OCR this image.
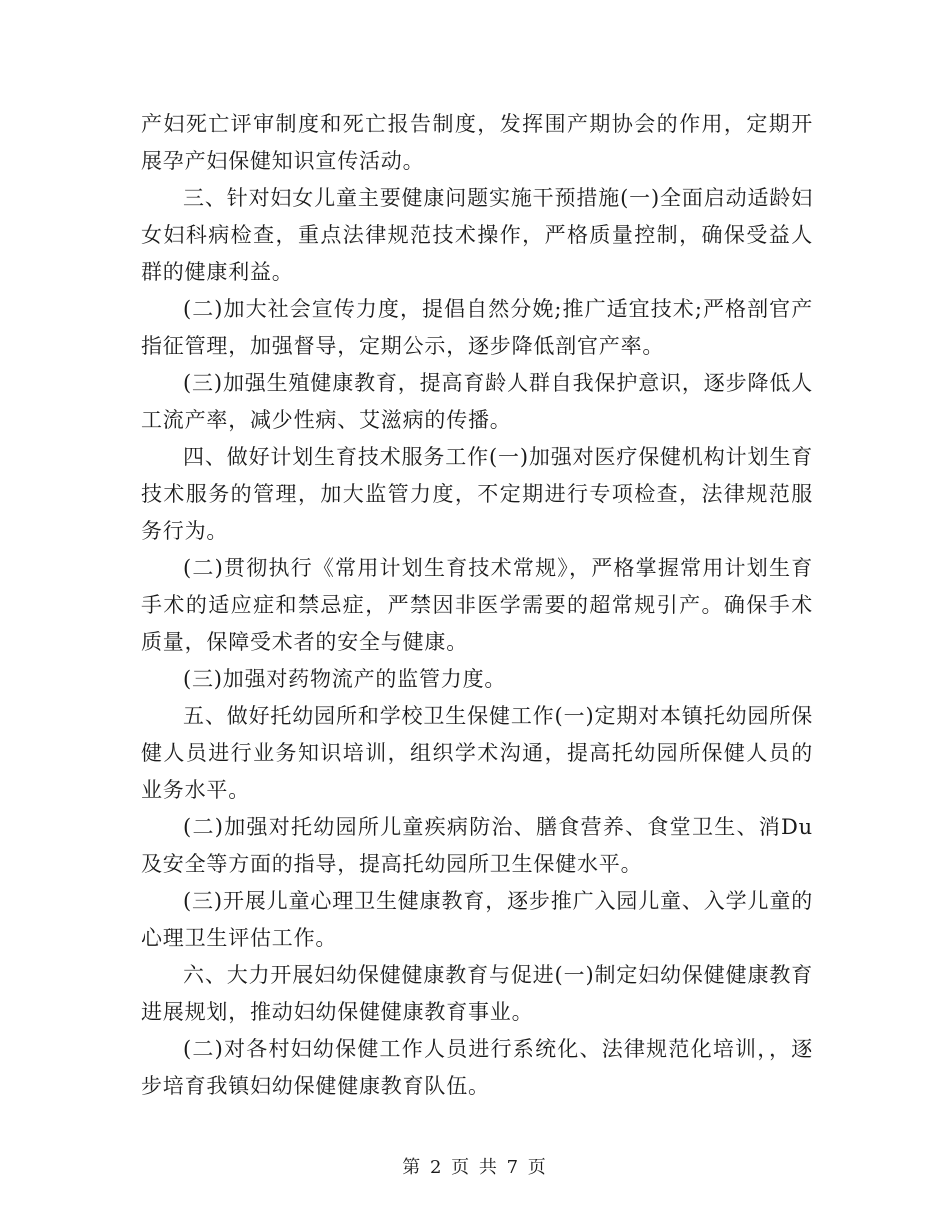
产妇死亡评审制度和死亡报告制度，发挥围产期协会的作用，定期开展孕产妇保健知识宣传活动。

三、针对妇女儿童主要健康问题实施干预措施(一)全面启动适龄妇女妇科病检查，重点法律规范技术操作，严格质量控制，确保受益人群的健康利益。

(二)加大社会宣传力度，提倡自然分娩;推广适宜技术;严格剖官产指征管理，加强督导，定期公示，逐步降低剖官产率。

(三)加强生殖健康教育，提高育龄人群自我保护意识，逐步降低人工流产率，减少性病、艾滋病的传播。

四、做好计划生育技术服务工作(一)加强对医疗保健机构计划生育技术服务的管理，加大监管力度，不定期进行专项检查，法律规范服务行为。

(二)贯彻执行《常用计划生育技术常规》，严格掌握常用计划生育手术的适应症和禁忌症，严禁因非医学需要的超常规引产。确保手术质量，保障受术者的安全与健康。

(三)加强对药物流产的监管力度。

五、做好托幼园所和学校卫生保健工作(一)定期对本镇托幼园所保健人员进行业务知识培训，组织学术沟通，提高托幼园所保健人员的业务水平。

(二)加强对托幼园所儿童疾病防治、膳食营养、食堂卫生、消Du及安全等方面的指导，提高托幼园所卫生保健水平。

(三)开展儿童心理卫生健康教育，逐步推广入园儿童、入学儿童的心理卫生评估工作。

六、大力开展妇幼保健健康教育与促进(一)制定妇幼保健健康教育进展规划，推动妇幼保健健康教育事业。

(二)对各村妇幼保健工作人员进行系统化、法律规范化培训，，逐步培育我镇妇幼保健健康教育队伍。

第 2 页 共 7 页
